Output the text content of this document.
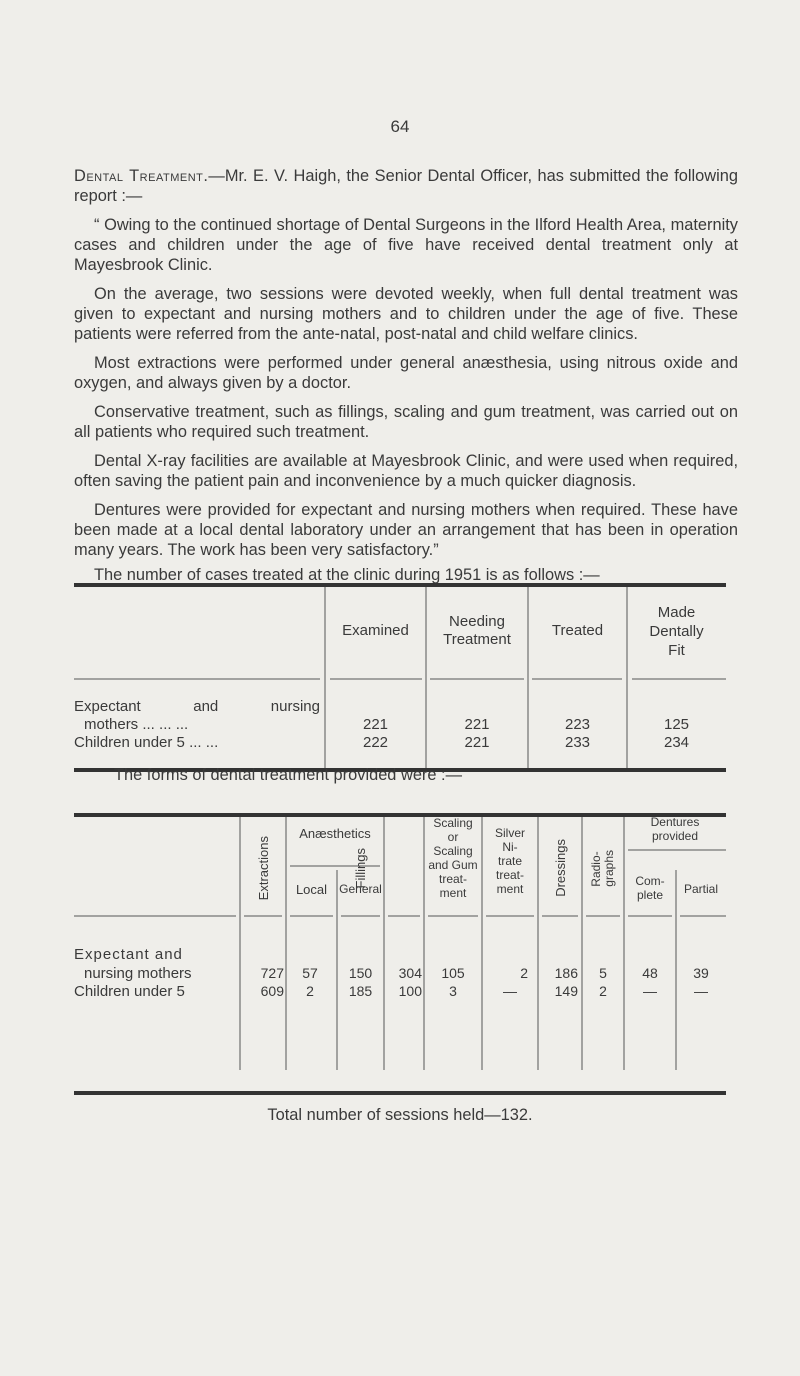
64

Dental Treatment.—Mr. E. V. Haigh, the Senior Dental Officer, has submitted the following report :—

“ Owing to the continued shortage of Dental Surgeons in the Ilford Health Area, maternity cases and children under the age of five have received dental treatment only at Mayesbrook Clinic.

On the average, two sessions were devoted weekly, when full dental treatment was given to expectant and nursing mothers and to children under the age of five. These patients were referred from the ante-natal, post-natal and child welfare clinics.

Most extractions were performed under general anæsthesia, using nitrous oxide and oxygen, and always given by a doctor.

Conservative treatment, such as fillings, scaling and gum treatment, was carried out on all patients who required such treatment.

Dental X-ray facilities are available at Mayesbrook Clinic, and were used when required, often saving the patient pain and inconvenience by a much quicker diagnosis.

Dentures were provided for expectant and nursing mothers when required. These have been made at a local dental laboratory under an arrangement that has been in operation many years. The work has been very satisfactory.”

The number of cases treated at the clinic during 1951 is as follows :—

Examined
Needing
Treatment
Treated
Made
Dentally
Fit
Expectant and nursing
mothers ... ... ...
Children under 5 ... ...
221	221	223	125
222	221	233	234
The forms of dental treatment provided were :—
Extractions	Fillings	Dressings Radio-
graphs
Anæsthetics
Local	General
Scaling
or
Scaling
and Gum
treat-
ment
Silver
Ni-
trate
treat-
ment
Dentures
provided
Com-
plete	Partial
Expectant and
nursing mothers
Children under 5
727	57	150	304	105	2	186	5	48	39
609	2	185	100	3	—	149	2	—	—
Total number of sessions held—132.
